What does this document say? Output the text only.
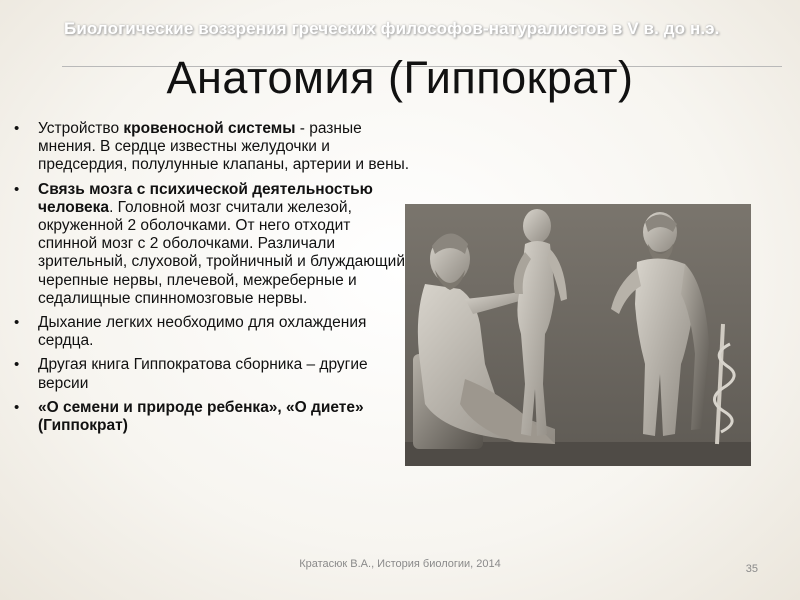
Биологические воззрения греческих философов-натуралистов в V в. до н.э.
Анатомия (Гиппократ)
• Устройство кровеносной системы - разные мнения. В сердце известны желудочки и предсердия, полулунные клапаны, артерии и вены.
• Связь мозга с психической деятельностью человека. Головной мозг считали железой, окруженной 2 оболочками. От него отходит спинной мозг с 2 оболочками. Различали зрительный, слуховой, тройничный и блуждающий черепные нервы, плечевой, межреберные и седалищные спинномозговые нервы.
• Дыхание легких необходимо для охлаждения сердца.
• Другая книга Гиппократова сборника – другие версии
• «О семени и природе ребенка», «О диете» (Гиппократ)
Кратасюк В.А., История биологии, 2014	35
